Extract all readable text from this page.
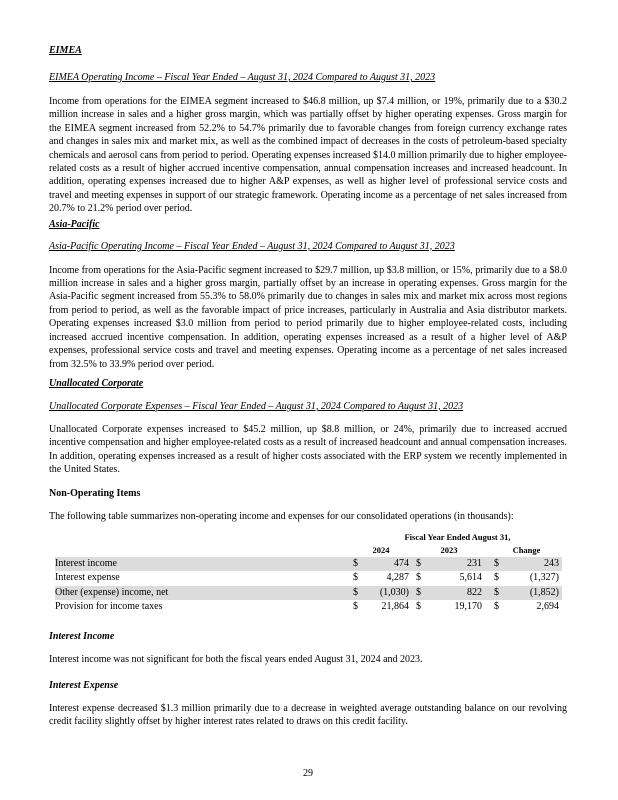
EIMEA
EIMEA Operating Income – Fiscal Year Ended – August 31, 2024 Compared to August 31, 2023

Income from operations for the EIMEA segment increased to $46.8 million, up $7.4 million, or 19%, primarily due to a $30.2 million increase in sales and a higher gross margin, which was partially offset by higher operating expenses. Gross margin for the EIMEA segment increased from 52.2% to 54.7% primarily due to favorable changes from foreign currency exchange rates and changes in sales mix and market mix, as well as the combined impact of decreases in the costs of petroleum-based specialty chemicals and aerosol cans from period to period. Operating expenses increased $14.0 million primarily due to higher employee-related costs as a result of higher accrued incentive compensation, annual compensation increases and increased headcount. In addition, operating expenses increased due to higher A&P expenses, as well as higher level of professional service costs and travel and meeting expenses in support of our strategic framework. Operating income as a percentage of net sales increased from 20.7% to 21.2% period over period.

Asia-Pacific
Asia-Pacific Operating Income – Fiscal Year Ended – August 31, 2024 Compared to August 31, 2023

Income from operations for the Asia-Pacific segment increased to $29.7 million, up $3.8 million, or 15%, primarily due to a $8.0 million increase in sales and a higher gross margin, partially offset by an increase in operating expenses. Gross margin for the Asia-Pacific segment increased from 55.3% to 58.0% primarily due to changes in sales mix and market mix across most regions from period to period, as well as the favorable impact of price increases, particularly in Australia and Asia distributor markets. Operating expenses increased $3.0 million from period to period primarily due to higher employee-related costs, including increased accrued incentive compensation. In addition, operating expenses increased as a result of a higher level of A&P expenses, professional service costs and travel and meeting expenses. Operating income as a percentage of net sales increased from 32.5% to 33.9% period over period.

Unallocated Corporate
Unallocated Corporate Expenses – Fiscal Year Ended – August 31, 2024 Compared to August 31, 2023

Unallocated Corporate expenses increased to $45.2 million, up $8.8 million, or 24%, primarily due to increased accrued incentive compensation and higher employee-related costs as a result of increased headcount and annual compensation increases. In addition, operating expenses increased as a result of higher costs associated with the ERP system we recently implemented in the United States.

Non-Operating Items

The following table summarizes non-operating income and expenses for our consolidated operations (in thousands):

	Fiscal Year Ended August 31,								
	2024			2023			Change		
Interest income	$	474		$	231		$	243	
Interest expense	$	4,287		$	5,614		$	(1,327)	
Other (expense) income, net	$	(1,030)		$	822		$	(1,852)	
Provision for income taxes	$	21,864		$	19,170		$	2,694	
Interest Income

Interest income was not significant for both the fiscal years ended August 31, 2024 and 2023.

Interest Expense

Interest expense decreased $1.3 million primarily due to a decrease in weighted average outstanding balance on our revolving credit facility slightly offset by higher interest rates related to draws on this credit facility.

29
